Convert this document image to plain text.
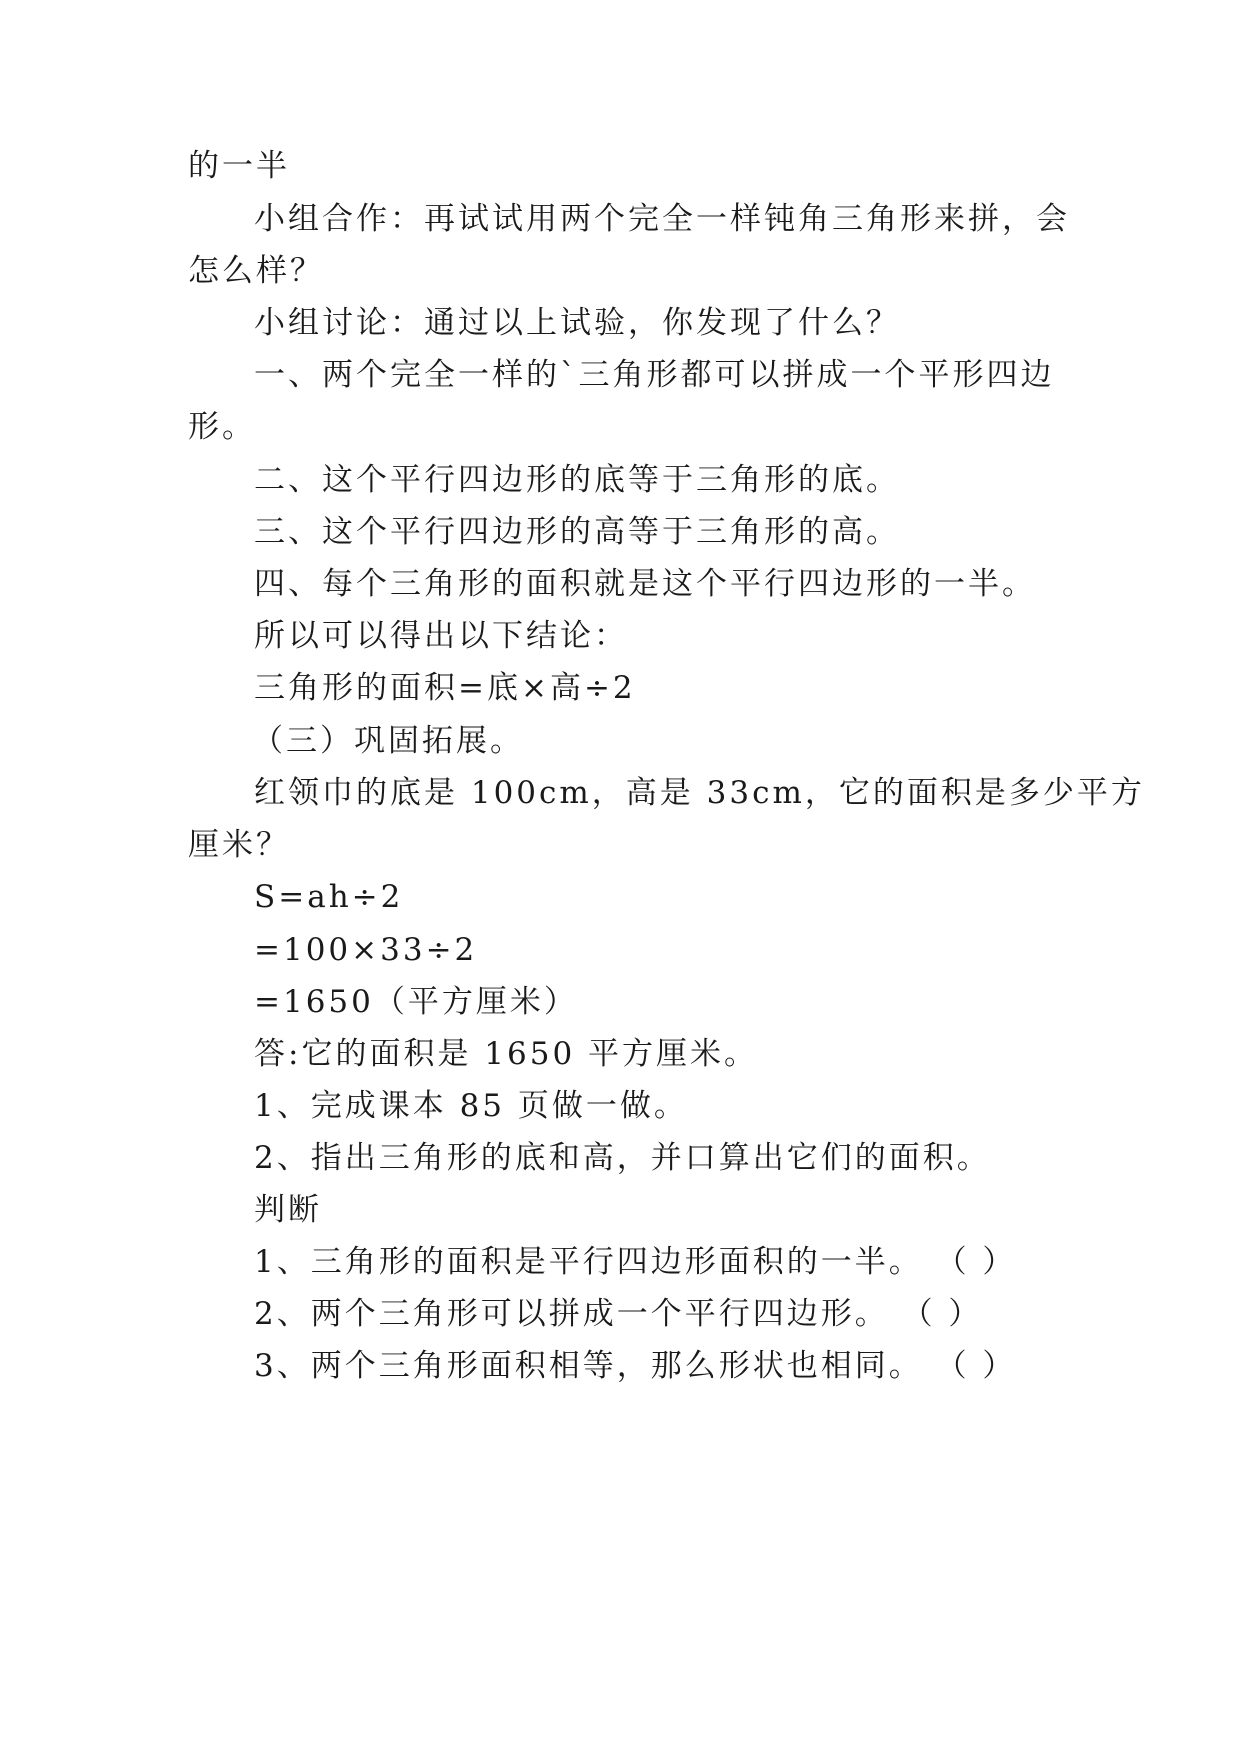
的一半
小组合作：再试试用两个完全一样钝角三角形来拼，会
怎么样？
小组讨论：通过以上试验，你发现了什么？
一、两个完全一样的`三角形都可以拼成一个平形四边
形。
二、这个平行四边形的底等于三角形的底。
三、这个平行四边形的高等于三角形的高。
四、每个三角形的面积就是这个平行四边形的一半。
所以可以得出以下结论：
三角形的面积=底×高÷2
（三）巩固拓展。
红领巾的底是 100cm，高是 33cm，它的面积是多少平方
厘米？
S=ah÷2
=100×33÷2
=1650（平方厘米）
答:它的面积是 1650 平方厘米。
1、完成课本 85 页做一做。
2、指出三角形的底和高，并口算出它们的面积。
判断
1、三角形的面积是平行四边形面积的一半。 （ ）
2、两个三角形可以拼成一个平行四边形。 （ ）
3、两个三角形面积相等，那么形状也相同。 （ ）
